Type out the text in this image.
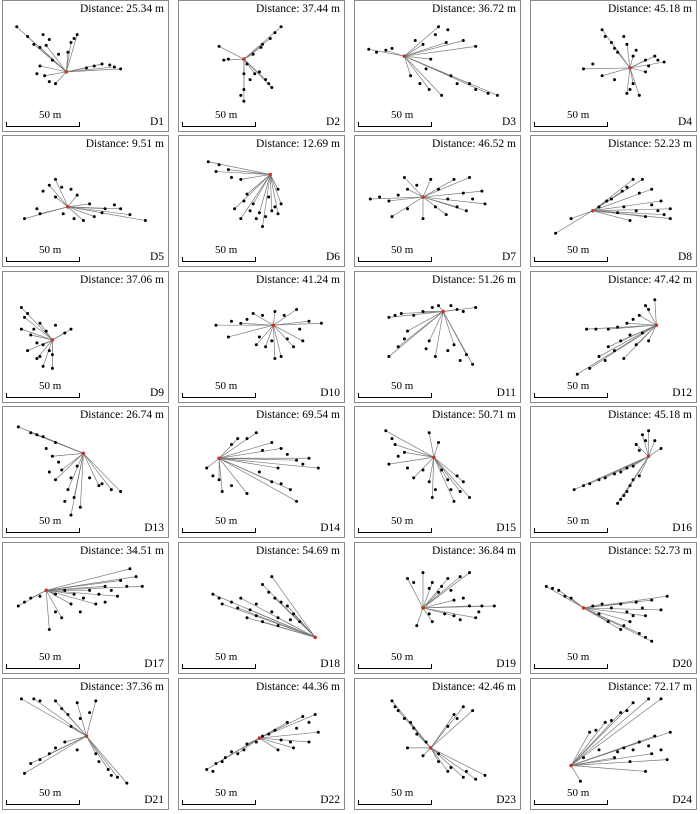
Distance: 25.34 m
D1
50 m
Distance: 37.44 m
D2
50 m
Distance: 36.72 m
D3
50 m
Distance: 45.18 m
D4
50 m
Distance: 9.51 m
D5
50 m
Distance: 12.69 m
D6
50 m
Distance: 46.52 m
D7
50 m
Distance: 52.23 m
D8
50 m
Distance: 37.06 m
D9
50 m
Distance: 41.24 m
D10
50 m
Distance: 51.26 m
D11
50 m
Distance: 47.42 m
D12
50 m
Distance: 26.74 m
D13
50 m
Distance: 69.54 m
D14
50 m
Distance: 50.71 m
D15
50 m
Distance: 45.18 m
D16
50 m
Distance: 34.51 m
D17
50 m
Distance: 54.69 m
D18
50 m
Distance: 36.84 m
D19
50 m
Distance: 52.73 m
D20
50 m
Distance: 37.36 m
D21
50 m
Distance: 44.36 m
D22
50 m
Distance: 42.46 m
D23
50 m
Distance: 72.17 m
D24
50 m
